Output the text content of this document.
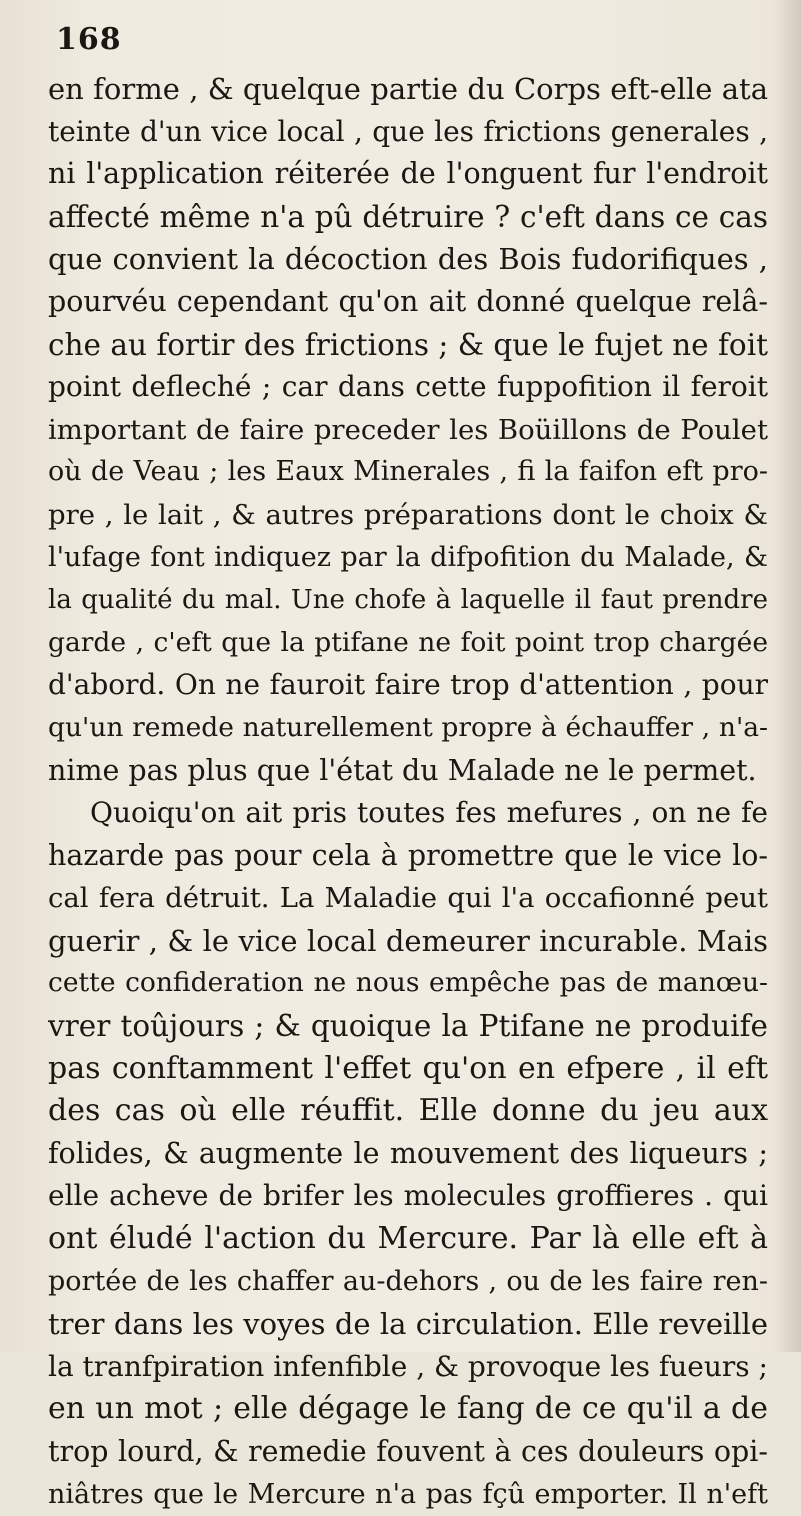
168
en forme , & quelque partie du Corps eft-elle ata
teinte d'un vice local , que les frictions generales ,
ni l'application réiterée de l'onguent fur l'endroit
affecté même n'a pû détruire ? c'eft dans ce cas
que convient la décoction des Bois fudorifiques ,
pourvéu cependant qu'on ait donné quelque relâ-
che au fortir des frictions ; & que le fujet ne foit
point defleché ; car dans cette fuppofition il feroit
important de faire preceder les Boüillons de Poulet
où de Veau ; les Eaux Minerales , fi la faifon eft pro-
pre , le lait , & autres préparations dont le choix &
l'ufage font indiquez par la difpofition du Malade, &
la qualité du mal. Une chofe à laquelle il faut prendre
garde , c'eft que la ptifane ne foit point trop chargée
d'abord. On ne fauroit faire trop d'attention , pour
qu'un remede naturellement propre à échauffer , n'a-
nime pas plus que l'état du Malade ne le permet.
Quoiqu'on ait pris toutes fes mefures , on ne fe
hazarde pas pour cela à promettre que le vice lo-
cal fera détruit. La Maladie qui l'a occafionné peut
guerir , & le vice local demeurer incurable. Mais
cette confideration ne nous empêche pas de manœu-
vrer toûjours ; & quoique la Ptifane ne produife
pas conftamment l'effet qu'on en efpere , il eft
des cas où elle réuffit. Elle donne du jeu aux
folides, & augmente le mouvement des liqueurs ;
elle acheve de brifer les molecules groffieres . qui
ont éludé l'action du Mercure. Par là elle eft à
portée de les chaffer au-dehors , ou de les faire ren-
trer dans les voyes de la circulation. Elle reveille
la tranfpiration infenfible , & provoque les fueurs ;
en un mot ; elle dégage le fang de ce qu'il a de
trop lourd, & remedie fouvent à ces douleurs opi-
niâtres que le Mercure n'a pas fçû emporter. Il n'eft
